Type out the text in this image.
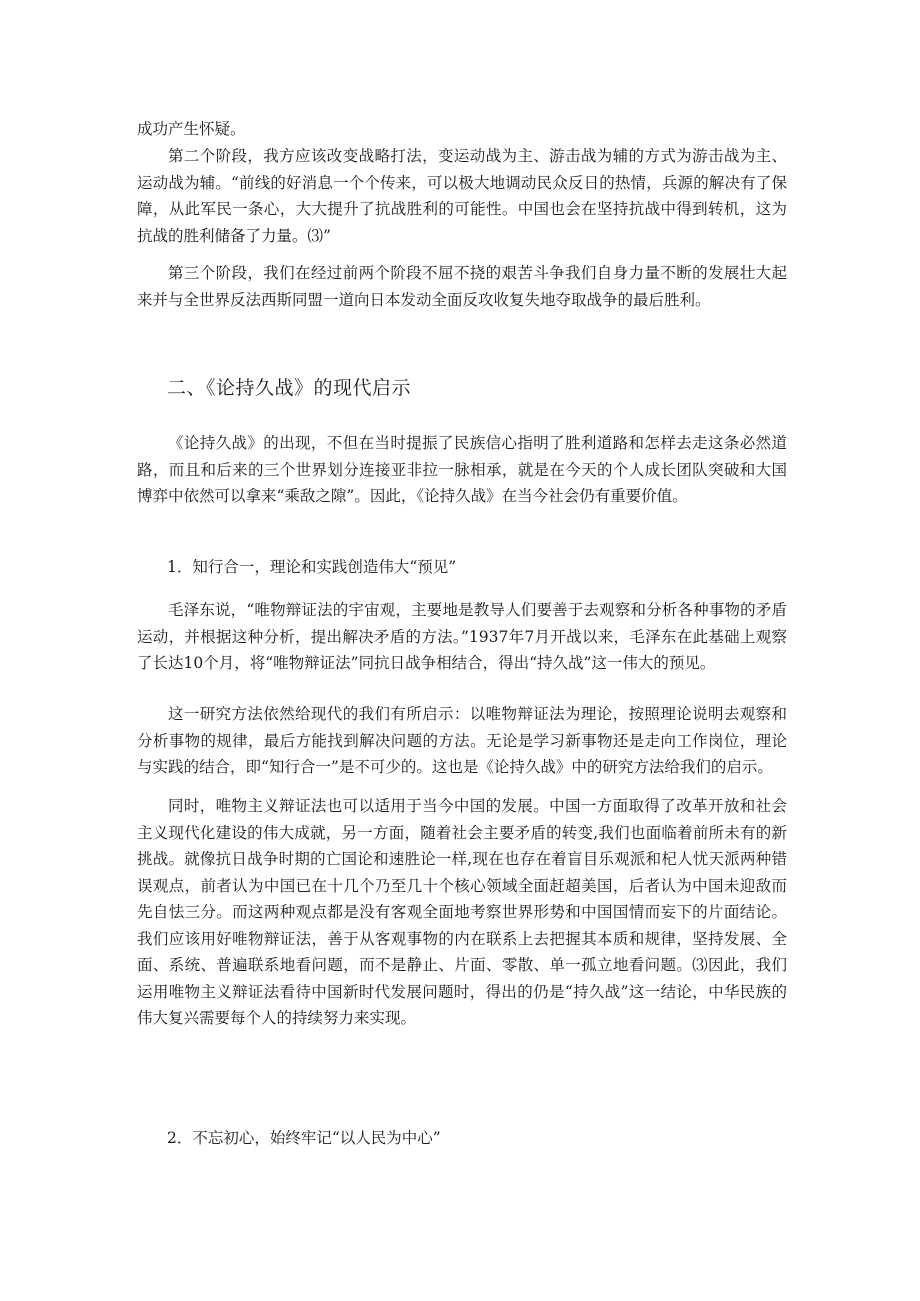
成功产生怀疑。

第二个阶段，我方应该改变战略打法，变运动战为主、游击战为辅的方式为游击战为主、运动战为辅。“前线的好消息一个个传来，可以极大地调动民众反日的热情，兵源的解决有了保障，从此军民一条心，大大提升了抗战胜利的可能性。中国也会在坚持抗战中得到转机，这为抗战的胜利储备了力量。⑶”

第三个阶段，我们在经过前两个阶段不屈不挠的艰苦斗争我们自身力量不断的发展壮大起来并与全世界反法西斯同盟一道向日本发动全面反攻收复失地夺取战争的最后胜利。

二、《论持久战》的现代启示

《论持久战》的出现，不但在当时提振了民族信心指明了胜利道路和怎样去走这条必然道路，而且和后来的三个世界划分连接亚非拉一脉相承，就是在今天的个人成长团队突破和大国博弈中依然可以拿来“乘敌之隙”。因此，《论持久战》在当今社会仍有重要价值。

1．知行合一，理论和实践创造伟大“预见”

毛泽东说，“唯物辩证法的宇宙观，主要地是教导人们要善于去观察和分析各种事物的矛盾运动，并根据这种分析，提出解决矛盾的方法。”1937年7月开战以来，毛泽东在此基础上观察了长达10个月，将“唯物辩证法”同抗日战争相结合，得出“持久战”这一伟大的预见。

这一研究方法依然给现代的我们有所启示：以唯物辩证法为理论，按照理论说明去观察和分析事物的规律，最后方能找到解决问题的方法。无论是学习新事物还是走向工作岗位，理论与实践的结合，即“知行合一”是不可少的。这也是《论持久战》中的研究方法给我们的启示。

同时，唯物主义辩证法也可以适用于当今中国的发展。中国一方面取得了改革开放和社会主义现代化建设的伟大成就，另一方面，随着社会主要矛盾的转变,我们也面临着前所未有的新挑战。就像抗日战争时期的亡国论和速胜论一样,现在也存在着盲目乐观派和杞人忧天派两种错误观点，前者认为中国已在十几个乃至几十个核心领域全面赶超美国，后者认为中国未迎敌而先自怯三分。而这两种观点都是没有客观全面地考察世界形势和中国国情而妄下的片面结论。我们应该用好唯物辩证法，善于从客观事物的内在联系上去把握其本质和规律，坚持发展、全面、系统、普遍联系地看问题，而不是静止、片面、零散、单一孤立地看问题。⑶因此，我们运用唯物主义辩证法看待中国新时代发展问题时，得出的仍是“持久战”这一结论，中华民族的伟大复兴需要每个人的持续努力来实现。

2．不忘初心，始终牢记“以人民为中心”
